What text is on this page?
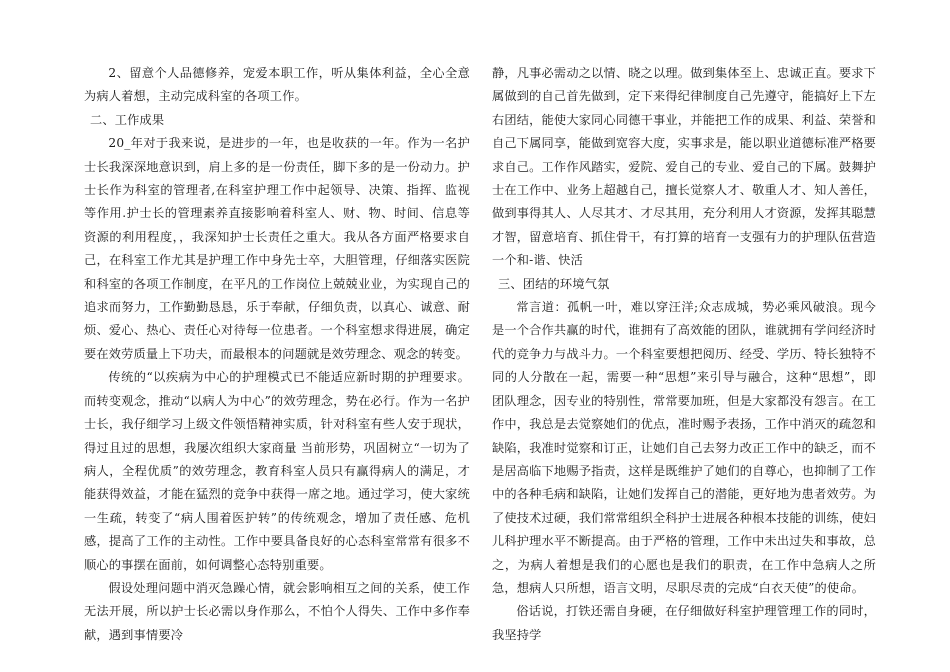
2、留意个人品德修养，宠爱本职工作，听从集体利益，全心全意为病人着想，主动完成科室的各项工作。

二、工作成果

20_年对于我来说，是进步的一年，也是收获的一年。作为一名护士长我深深地意识到，肩上多的是一份责任，脚下多的是一份动力。护士长作为科室的管理者,在科室护理工作中起领导、决策、指挥、监视等作用.护士长的管理素养直接影响着科室人、财、物、时间、信息等资源的利用程度，，我深知护士长责任之重大。我从各方面严格要求自己，在科室工作尤其是护理工作中身先士卒，大胆管理，仔细落实医院和科室的各项工作制度，在平凡的工作岗位上兢兢业业，为实现自己的追求而努力，工作勤勤恳恳，乐于奉献，仔细负责，以真心、诚意、耐烦、爱心、热心、责任心对待每一位患者。一个科室想求得进展，确定要在效劳质量上下功夫，而最根本的问题就是效劳理念、观念的转变。

传统的“以疾病为中心的护理模式已不能适应新时期的护理要求。而转变观念，推动“以病人为中心”的效劳理念，势在必行。作为一名护士长，我仔细学习上级文件领悟精神实质，针对科室有些人安于现状，得过且过的思想，我屡次组织大家商量 当前形势，巩固树立“一切为了病人，全程优质”的效劳理念，教育科室人员只有赢得病人的满足，才能获得效益，才能在猛烈的竞争中获得一席之地。通过学习，使大家统一生疏，转变了“病人围着医护转”的传统观念，增加了责任感、危机感，提高了工作的主动性。工作中要具备良好的心态科室常常有很多不顺心的事摆在面前，如何调整心态特别重要。

假设处理问题中消灭急躁心情，就会影响相互之间的关系，使工作无法开展，所以护士长必需以身作那么，不怕个人得失、工作中多作奉献，遇到事情要冷

静，凡事必需动之以情、晓之以理。做到集体至上、忠诚正直。要求下属做到的自己首先做到，定下来得纪律制度自己先遵守，能搞好上下左右团结，能使大家同心同德干事业，并能把工作的成果、利益、荣誉和自己下属同享，能做到宽容大度，实事求是，能以职业道德标准严格要求自己。工作作风踏实，爱院、爱自己的专业、爱自己的下属。鼓舞护士在工作中、业务上超越自己，擅长觉察人才、敬重人才、知人善任，做到事得其人、人尽其才、才尽其用，充分利用人才资源，发挥其聪慧才智，留意培育、抓住骨干，有打算的培育一支强有力的护理队伍营造一个和-谐、快活

三、团结的环境气氛

常言道：孤帆一叶，难以穿汪洋;众志成城，势必乘风破浪。现今是一个合作共赢的时代，谁拥有了高效能的团队，谁就拥有学问经济时代的竞争力与战斗力。一个科室要想把阅历、经受、学历、特长独特不同的人分散在一起，需要一种“思想”来引导与融合，这种“思想”，即团队理念，因专业的特别性，常常要加班，但是大家都没有怨言。在工作中，我总是去觉察她们的优点，准时赐予表扬，工作中消灭的疏忽和缺陷，我准时觉察和订正，让她们自己去努力改正工作中的缺乏，而不是居高临下地赐予指责，这样是既维护了她们的自尊心，也抑制了工作中的各种毛病和缺陷，让她们发挥自己的潜能，更好地为患者效劳。为了使技术过硬，我们常常组织全科护士进展各种根本技能的训练，使妇儿科护理水平不断提高。由于严格的管理，工作中未出过失和事故，总之，为病人着想是我们的心愿也是我们的职责，在工作中急病人之所急，想病人只所想，语言文明，尽职尽责的完成“白衣天使”的使命。

俗话说，打铁还需自身硬，在仔细做好科室护理管理工作的同时，我坚持学
